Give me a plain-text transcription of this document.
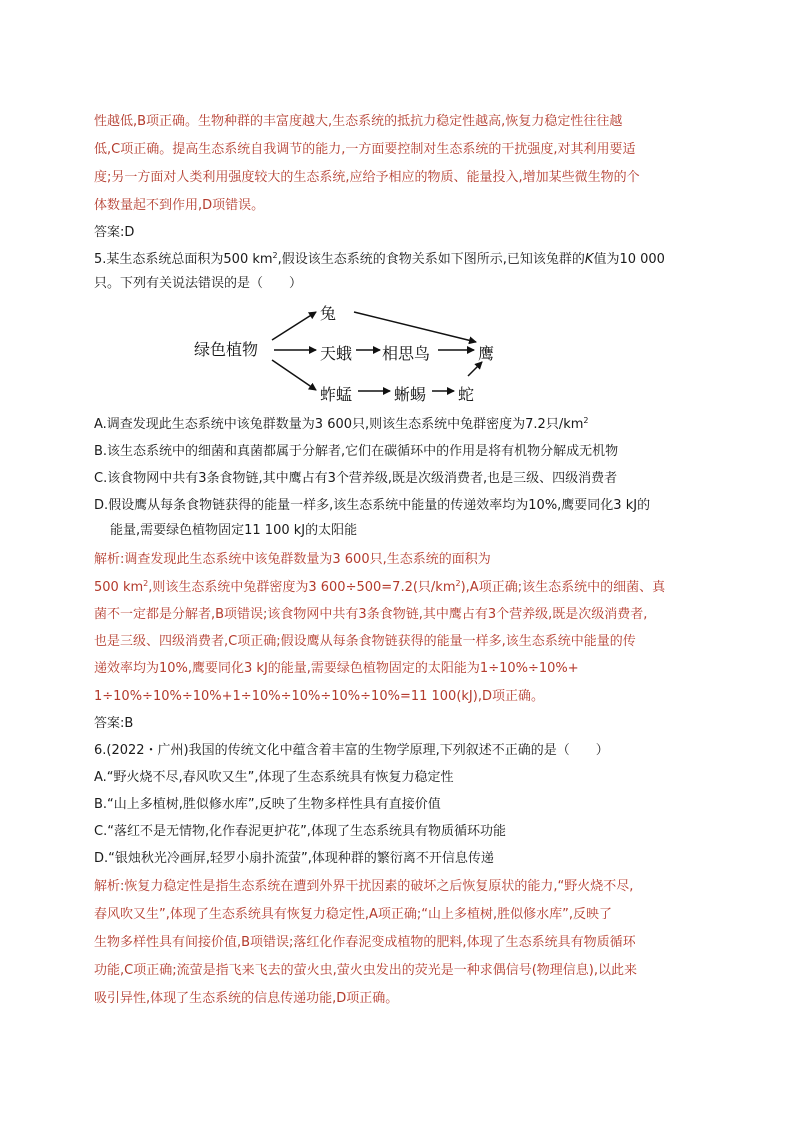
性越低,B项正确。生物种群的丰富度越大,生态系统的抵抗力稳定性越高,恢复力稳定性往往越
低,C项正确。提高生态系统自我调节的能力,一方面要控制对生态系统的干扰强度,对其利用要适
度;另一方面对人类利用强度较大的生态系统,应给予相应的物质、能量投入,增加某些微生物的个
体数量起不到作用,D项错误。
答案:D
5.某生态系统总面积为500 $km^2$,假设该生态系统的食物关系如下图所示,已知该兔群的K值为10 000
只。下列有关说法错误的是（　　）
绿色植物
兔
天蛾 相思鸟	鹰
蚱蜢	蜥蜴 蛇
A.调查发现此生态系统中该兔群数量为3 600只,则该生态系统中兔群密度为7.2只$/km^2$
B.该生态系统中的细菌和真菌都属于分解者,它们在碳循环中的作用是将有机物分解成无机物
C.该食物网中共有3条食物链,其中鹰占有3个营养级,既是次级消费者,也是三级、四级消费者
D.假设鹰从每条食物链获得的能量一样多,该生态系统中能量的传递效率均为10%,鹰要同化3 kJ的
能量,需要绿色植物固定11 100 kJ的太阳能
解析:调查发现此生态系统中该兔群数量为3 600只,生态系统的面积为
500 $km^2$,则该生态系统中兔群密度为3 600÷500=7.2(只$/km^2),A$项正确;该生态系统中的细菌、真
菌不一定都是分解者,B项错误;该食物网中共有3条食物链,其中鹰占有3个营养级,既是次级消费者,
也是三级、四级消费者,C项正确;假设鹰从每条食物链获得的能量一样多,该生态系统中能量的传
递效率均为10%,鹰要同化3 kJ的能量,需要绿色植物固定的太阳能为1÷10%÷10%+
1÷10%÷10%÷10%+1÷10%÷10%÷10%÷10%=11 100(kJ),D项正确。
答案:B
6.(2022・广州)我国的传统文化中蕴含着丰富的生物学原理,下列叙述不正确的是（　　）
A.“野火烧不尽,春风吹又生”,体现了生态系统具有恢复力稳定性
B.“山上多植树,胜似修水库”,反映了生物多样性具有直接价值
C.“落红不是无情物,化作春泥更护花”,体现了生态系统具有物质循环功能
D.“银烛秋光冷画屏,轻罗小扇扑流萤”,体现种群的繁衍离不开信息传递
解析:恢复力稳定性是指生态系统在遭到外界干扰因素的破坏之后恢复原状的能力,“野火烧不尽,
春风吹又生”,体现了生态系统具有恢复力稳定性,A项正确;“山上多植树,胜似修水库”,反映了
生物多样性具有间接价值,B项错误;落红化作春泥变成植物的肥料,体现了生态系统具有物质循环
功能,C项正确;流萤是指飞来飞去的萤火虫,萤火虫发出的荧光是一种求偶信号(物理信息),以此来
吸引异性,体现了生态系统的信息传递功能,D项正确。
